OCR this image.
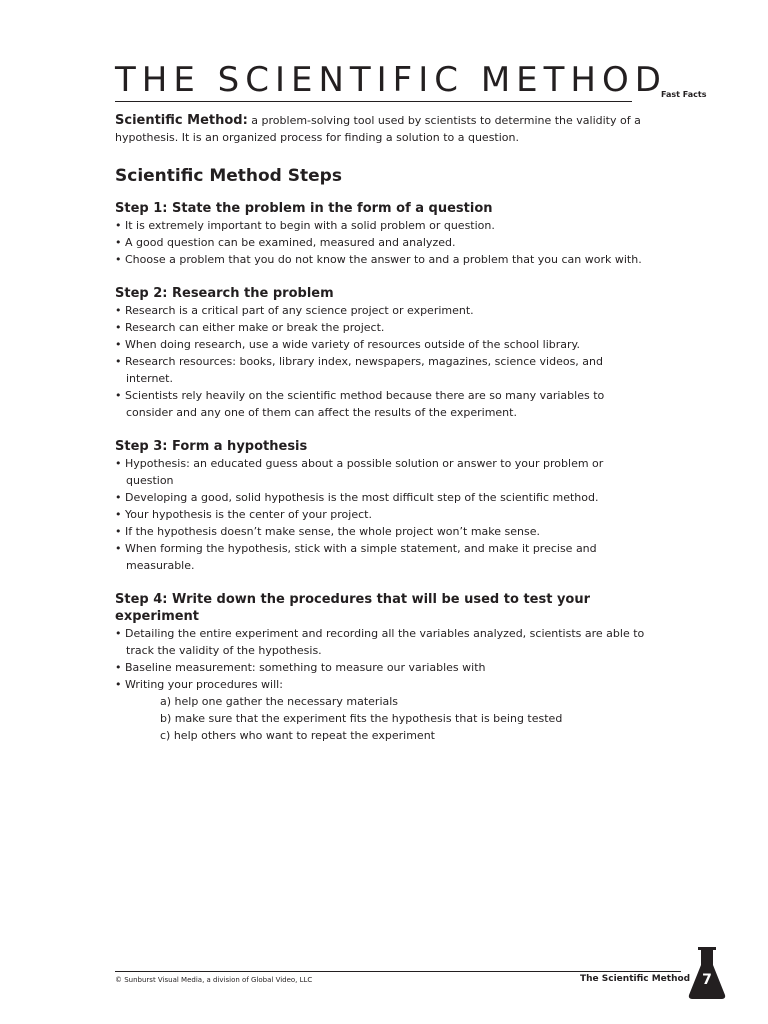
THE SCIENTIFIC METHOD
Fast Facts

Scientific Method: a problem-solving tool used by scientists to determine the validity of a hypothesis. It is an organized process for finding a solution to a question.

Scientific Method Steps
Step 1: State the problem in the form of a question
• It is extremely important to begin with a solid problem or question.
• A good question can be examined, measured and analyzed.
• Choose a problem that you do not know the answer to and a problem that you can work with.
Step 2: Research the problem
• Research is a critical part of any science project or experiment.
• Research can either make or break the project.
• When doing research, use a wide variety of resources outside of the school library.
• Research resources: books, library index, newspapers, magazines, science videos, and internet.
• Scientists rely heavily on the scientific method because there are so many variables to consider and any one of them can affect the results of the experiment.
Step 3: Form a hypothesis
• Hypothesis: an educated guess about a possible solution or answer to your problem or question
• Developing a good, solid hypothesis is the most difficult step of the scientific method.
• Your hypothesis is the center of your project.
• If the hypothesis doesn’t make sense, the whole project won’t make sense.
• When forming the hypothesis, stick with a simple statement, and make it precise and measurable.
Step 4: Write down the procedures that will be used to test your experiment
• Detailing the entire experiment and recording all the variables analyzed, scientists are able to track the validity of the hypothesis.
• Baseline measurement: something to measure our variables with
• Writing your procedures will:
a) help one gather the necessary materials
b) make sure that the experiment fits the hypothesis that is being tested
c) help others who want to repeat the experiment
© Sunburst Visual Media, a division of Global Video, LLC	The Scientific Method 7
